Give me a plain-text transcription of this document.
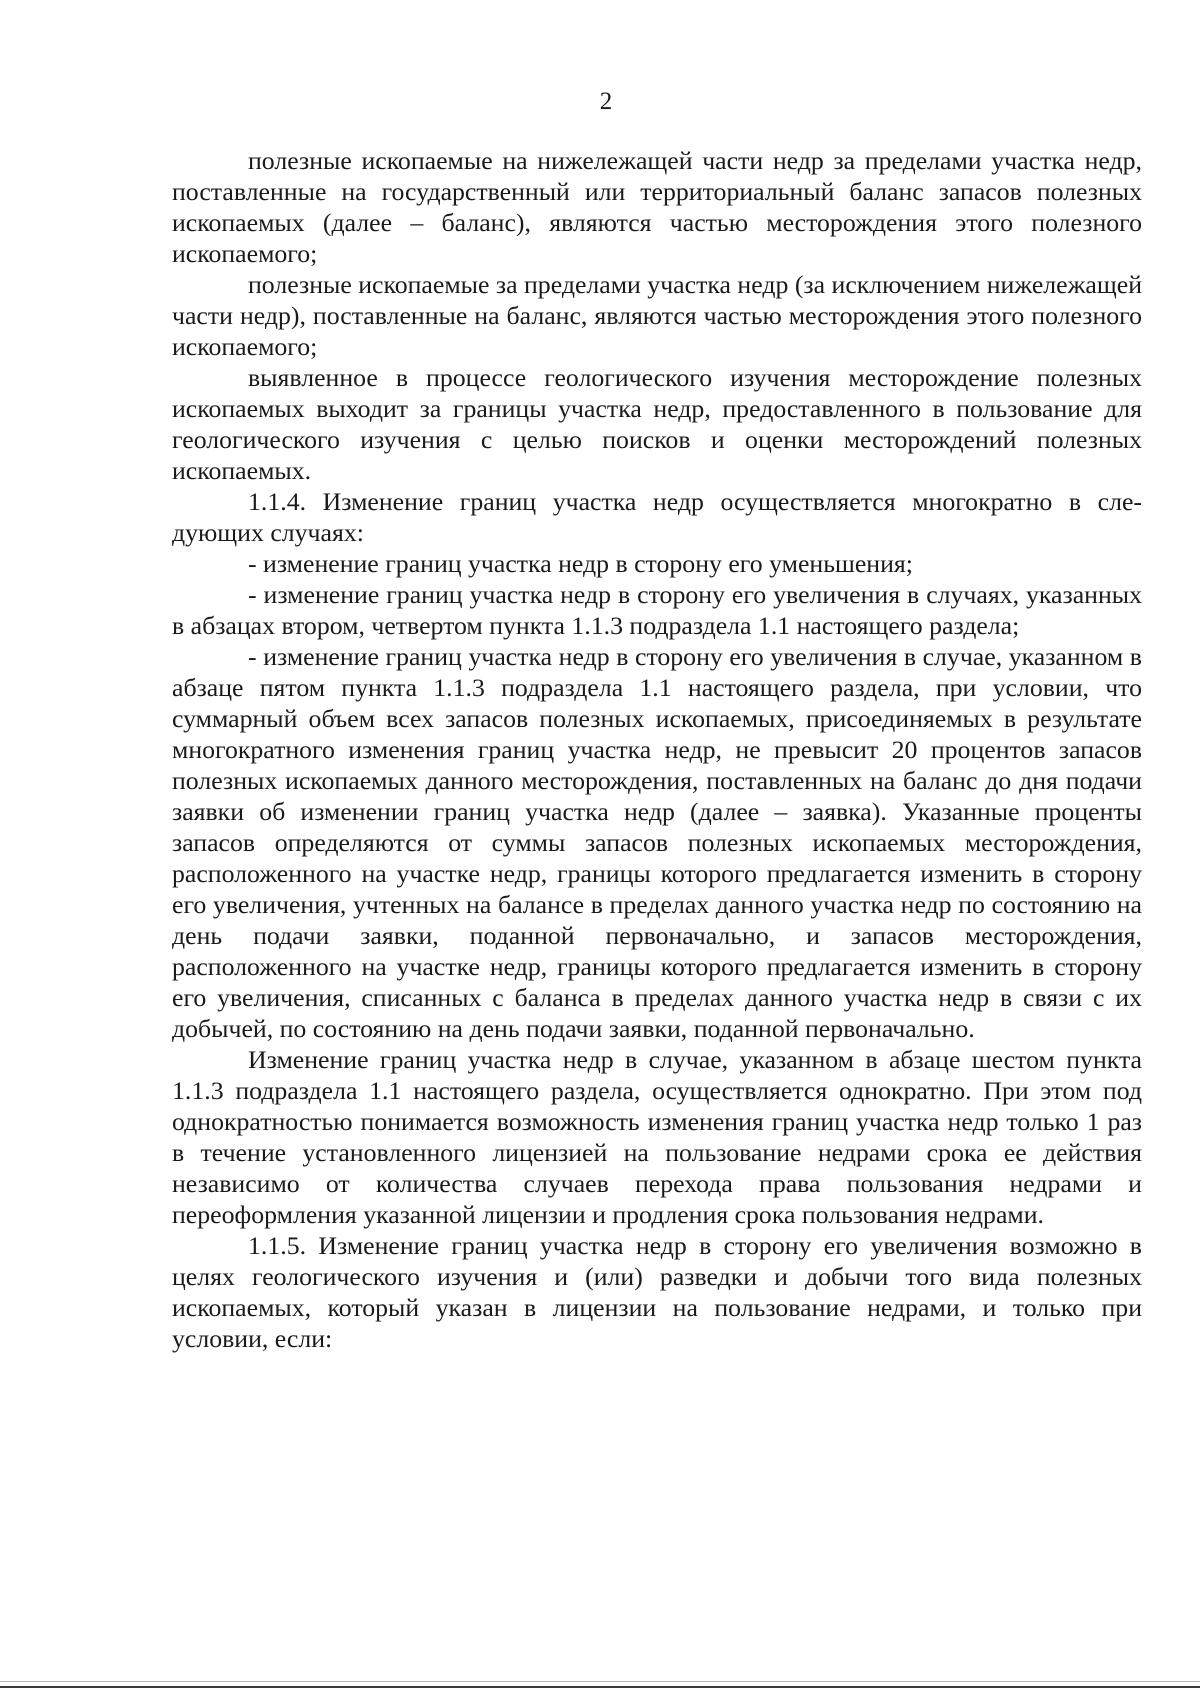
2

полезные ископаемые на нижележащей части недр за пределами участка недр, поставленные на государственный или территориальный баланс запасов полезных ископаемых (далее – баланс), являются частью месторождения этого полезного ископаемого;

полезные ископаемые за пределами участка недр (за исключением нижележащей части недр), поставленные на баланс, являются частью месторождения этого полезного ископаемого;

выявленное в процессе геологического изучения месторождение полезных ископаемых выходит за границы участка недр, предоставленного в пользование для геологического изучения с целью поисков и оценки месторождений полезных ископаемых.

1.1.4. Изменение границ участка недр осуществляется многократно в следующих случаях:

- изменение границ участка недр в сторону его уменьшения;

- изменение границ участка недр в сторону его увеличения в случаях, указанных в абзацах втором, четвертом пункта 1.1.3 подраздела 1.1 настоящего раздела;

- изменение границ участка недр в сторону его увеличения в случае, указанном в абзаце пятом пункта 1.1.3 подраздела 1.1 настоящего раздела, при условии, что суммарный объем всех запасов полезных ископаемых, присоединяемых в результате многократного изменения границ участка недр, не превысит 20 процентов запасов полезных ископаемых данного месторождения, поставленных на баланс до дня подачи заявки об изменении границ участка недр (далее – заявка). Указанные проценты запасов определяются от суммы запасов полезных ископаемых месторождения, расположенного на участке недр, границы которого предлагается изменить в сторону его увеличения, учтенных на балансе в пределах данного участка недр по состоянию на день подачи заявки, поданной первоначально, и запасов месторождения, расположенного на участке недр, границы которого предлагается изменить в сторону его увеличения, списанных с баланса в пределах данного участка недр в связи с их добычей, по состоянию на день подачи заявки, поданной первоначально.

Изменение границ участка недр в случае, указанном в абзаце шестом пункта 1.1.3 подраздела 1.1 настоящего раздела, осуществляется однократно. При этом под однократностью понимается возможность изменения границ участка недр только 1 раз в течение установленного лицензией на пользование недрами срока ее действия независимо от количества случаев перехода права пользования недрами и переоформления указанной лицензии и продления срока пользования недрами.

1.1.5. Изменение границ участка недр в сторону его увеличения возможно в целях геологического изучения и (или) разведки и добычи того вида полезных ископаемых, который указан в лицензии на пользование недрами, и только при условии, если:
